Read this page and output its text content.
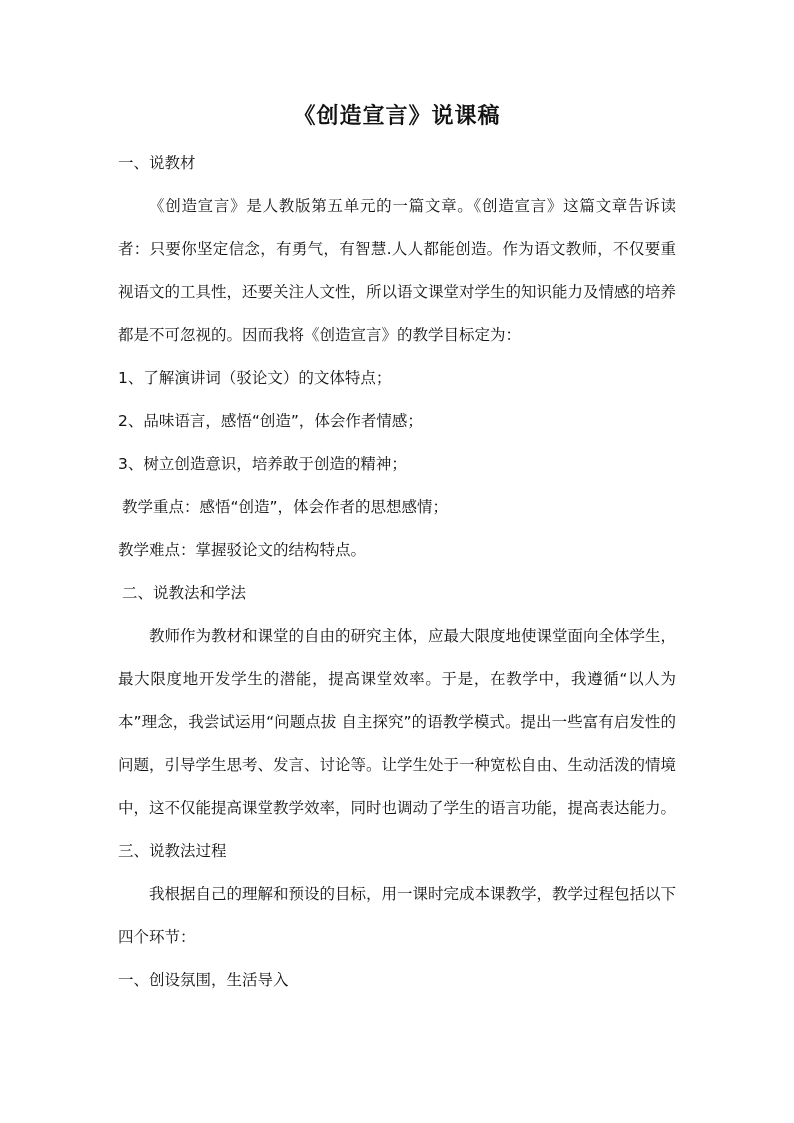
《创造宣言》说课稿

一、说教材

《创造宣言》是人教版第五单元的一篇文章。《创造宣言》这篇文章告诉读者：只要你坚定信念，有勇气，有智慧.人人都能创造。作为语文教师，不仅要重视语文的工具性，还要关注人文性，所以语文课堂对学生的知识能力及情感的培养都是不可忽视的。因而我将《创造宣言》的教学目标定为：

1、了解演讲词（驳论文）的文体特点；

2、品味语言，感悟“创造”，体会作者情感；

3、树立创造意识，培养敢于创造的精神；

教学重点：感悟“创造”，体会作者的思想感情；

教学难点：掌握驳论文的结构特点。

二、说教法和学法

教师作为教材和课堂的自由的研究主体，应最大限度地使课堂面向全体学生，最大限度地开发学生的潜能，提高课堂效率。于是，在教学中，我遵循“以人为本”理念，我尝试运用“问题点拔 自主探究”的语教学模式。提出一些富有启发性的问题，引导学生思考、发言、讨论等。让学生处于一种宽松自由、生动活泼的情境中，这不仅能提高课堂教学效率，同时也调动了学生的语言功能，提高表达能力。

三、说教法过程

我根据自己的理解和预设的目标，用一课时完成本课教学，教学过程包括以下四个环节：

一、创设氛围，生活导入
